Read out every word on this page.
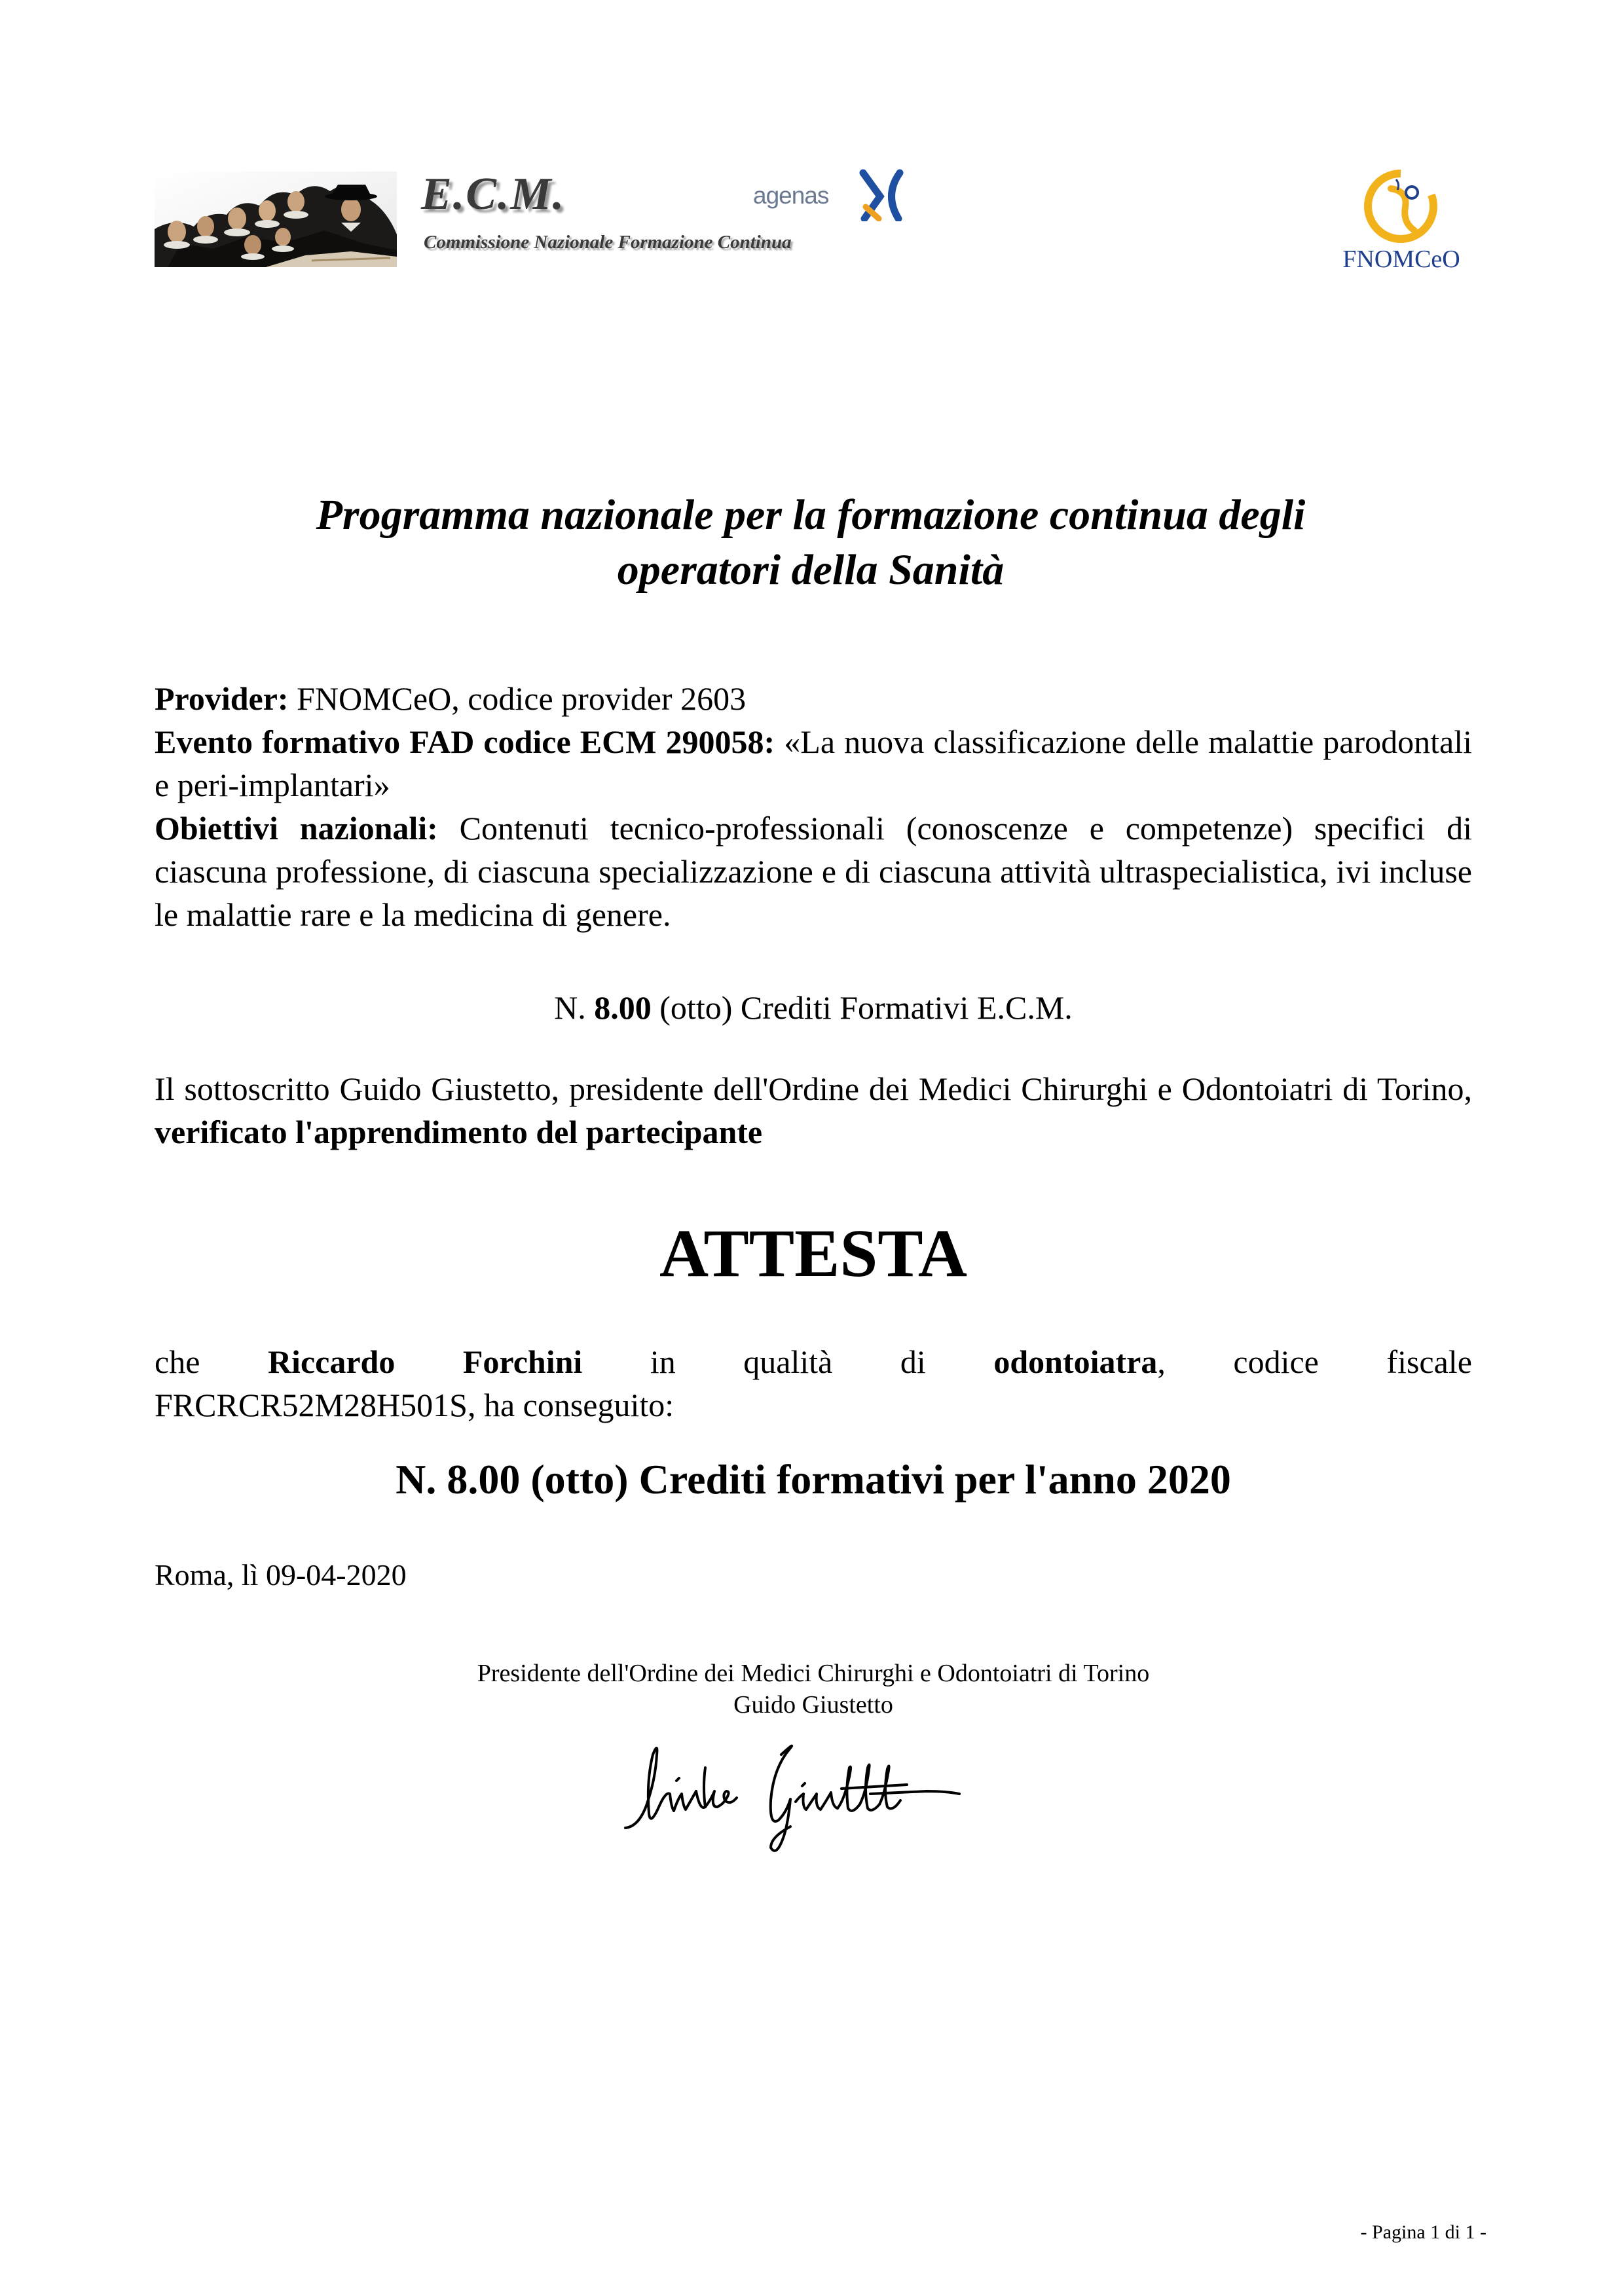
E.C.M.

Commissione Nazionale Formazione Continua

agenas

FNOMCeO

Programma nazionale per la formazione continua degli
operatori della Sanità

Provider: FNOMCeO, codice provider 2603

Evento formativo FAD codice ECM 290058: «La nuova classificazione delle malattie parodontali e peri-implantari»

Obiettivi nazionali: Contenuti tecnico-professionali (conoscenze e competenze) specifici di ciascuna professione, di ciascuna specializzazione e di ciascuna attività ultraspecialistica, ivi incluse le malattie rare e la medicina di genere.

N. 8.00 (otto) Crediti Formativi E.C.M.

Il sottoscritto Guido Giustetto, presidente dell'Ordine dei Medici Chirurghi e Odontoiatri di Torino, verificato l'apprendimento del partecipante

ATTESTA

che Riccardo Forchini in qualità di odontoiatra, codice fiscale
FRCRCR52M28H501S, ha conseguito:

N. 8.00 (otto) Crediti formativi per l'anno 2020

Roma, lì 09-04-2020

Presidente dell'Ordine dei Medici Chirurghi e Odontoiatri di Torino

Guido Giustetto

- Pagina 1 di 1 -
